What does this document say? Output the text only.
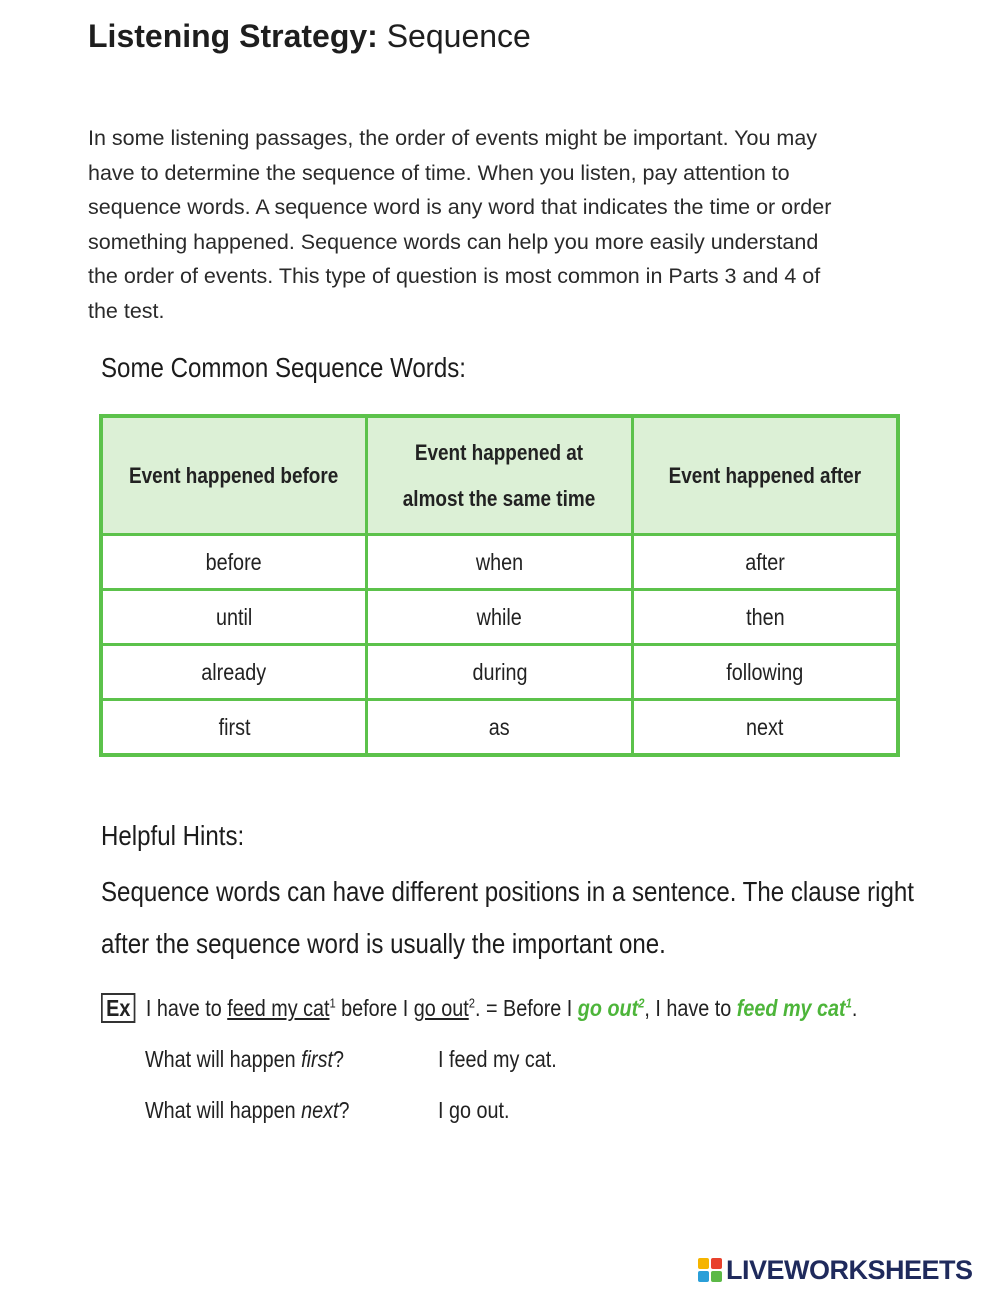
Listening Strategy: Sequence
In some listening passages, the order of events might be important. You may
have to determine the sequence of time. When you listen, pay attention to
sequence words. A sequence word is any word that indicates the time or order
something happened. Sequence words can help you more easily understand
the order of events. This type of question is most common in Parts 3 and 4 of
the test.
Some Common Sequence Words:
Event happened before	Event happened at almost the same time	Event happened after
before	when	after
until	while	then
already	during	following
first	as	next
Helpful Hints:

Sequence words can have different positions in a sentence. The clause right after the sequence word is usually the important one.

Ex I have to feed my cat$^1$ before I go out$^2$. = Before I go out$^2$, I have to feed my cat$^1$.
What will happen first?	I feed my cat.
What will happen next?	I go out.
LIVEWORKSHEETS
